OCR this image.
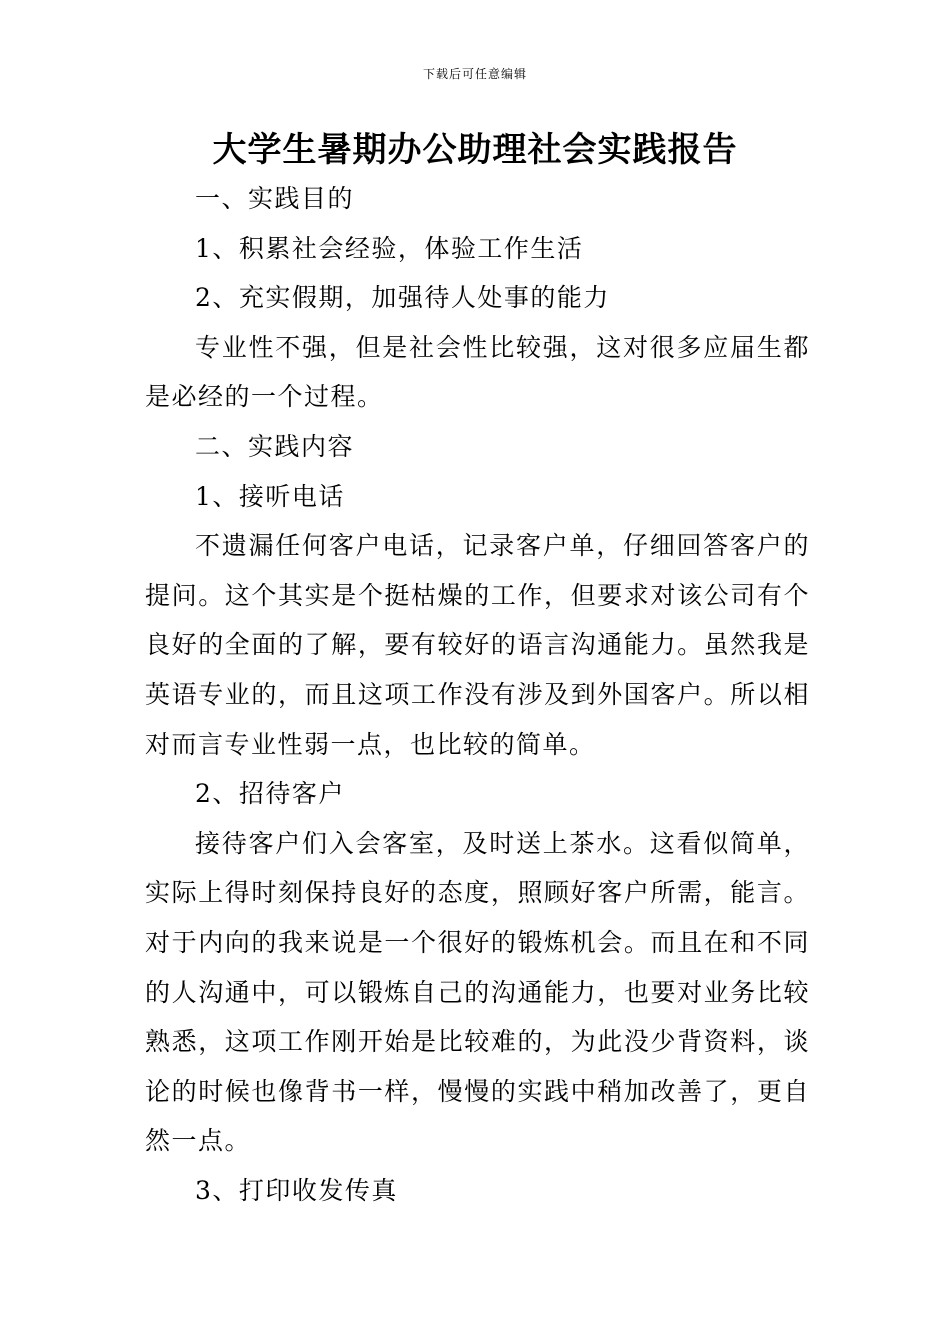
下载后可任意编辑
大学生暑期办公助理社会实践报告

一、实践目的

1、积累社会经验，体验工作生活

2、充实假期，加强待人处事的能力

专业性不强，但是社会性比较强，这对很多应届生都是必经的一个过程。

二、实践内容

1、接听电话

不遗漏任何客户电话，记录客户单，仔细回答客户的提问。这个其实是个挺枯燥的工作，但要求对该公司有个良好的全面的了解，要有较好的语言沟通能力。虽然我是英语专业的，而且这项工作没有涉及到外国客户。所以相对而言专业性弱一点，也比较的简单。

2、招待客户

接待客户们入会客室，及时送上茶水。这看似简单，实际上得时刻保持良好的态度，照顾好客户所需，能言。对于内向的我来说是一个很好的锻炼机会。而且在和不同的人沟通中，可以锻炼自己的沟通能力，也要对业务比较熟悉，这项工作刚开始是比较难的，为此没少背资料，谈论的时候也像背书一样，慢慢的实践中稍加改善了，更自然一点。

3、打印收发传真
